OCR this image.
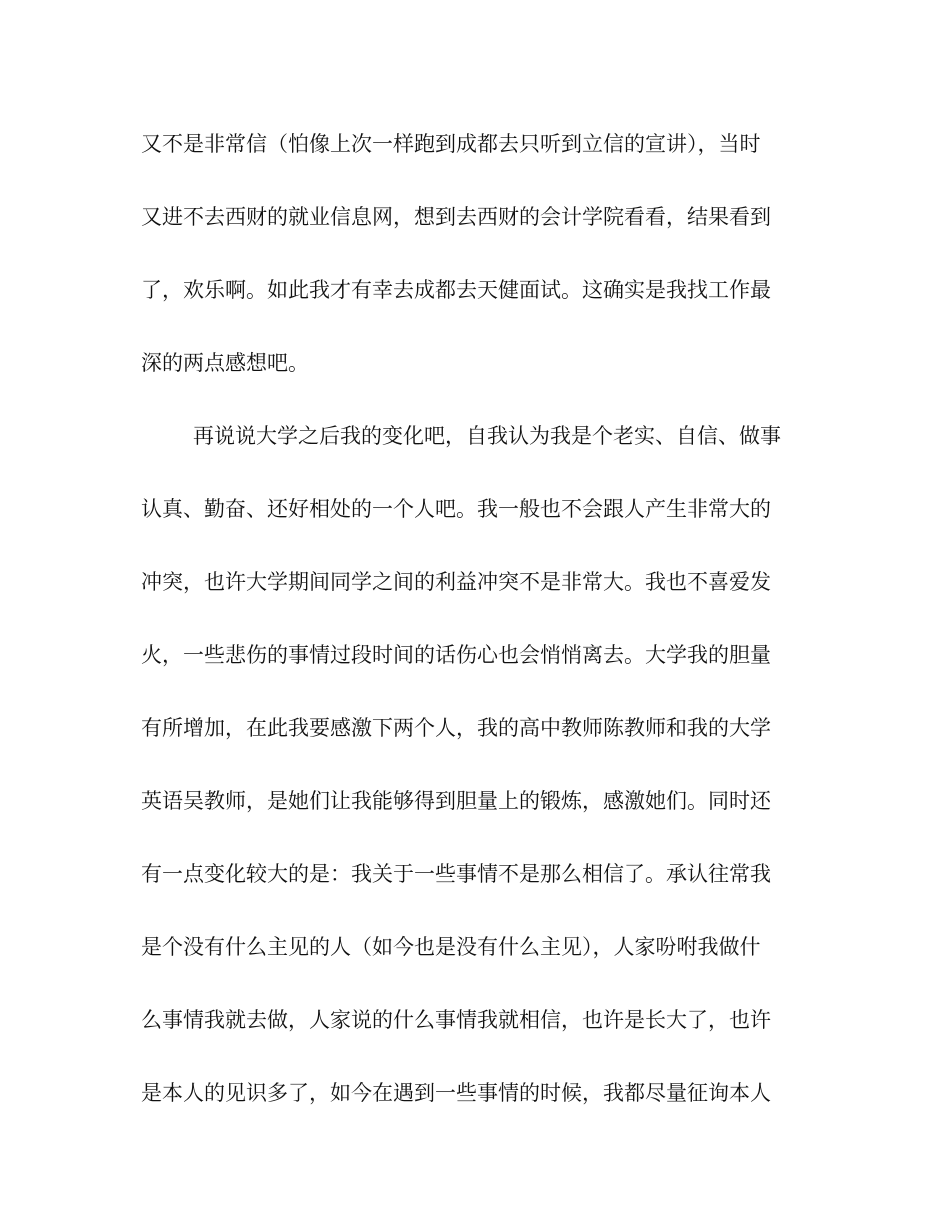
又不是非常信（怕像上次一样跑到成都去只听到立信的宣讲），当时
又进不去西财的就业信息网，想到去西财的会计学院看看，结果看到
了，欢乐啊。如此我才有幸去成都去天健面试。这确实是我找工作最
深的两点感想吧。
再说说大学之后我的变化吧，自我认为我是个老实、自信、做事
认真、勤奋、还好相处的一个人吧。我一般也不会跟人产生非常大的
冲突，也许大学期间同学之间的利益冲突不是非常大。我也不喜爱发
火，一些悲伤的事情过段时间的话伤心也会悄悄离去。大学我的胆量
有所增加，在此我要感激下两个人，我的高中教师陈教师和我的大学
英语吴教师，是她们让我能够得到胆量上的锻炼，感激她们。同时还
有一点变化较大的是：我关于一些事情不是那么相信了。承认往常我
是个没有什么主见的人（如今也是没有什么主见），人家吩咐我做什
么事情我就去做，人家说的什么事情我就相信，也许是长大了，也许
是本人的见识多了，如今在遇到一些事情的时候，我都尽量征询本人
